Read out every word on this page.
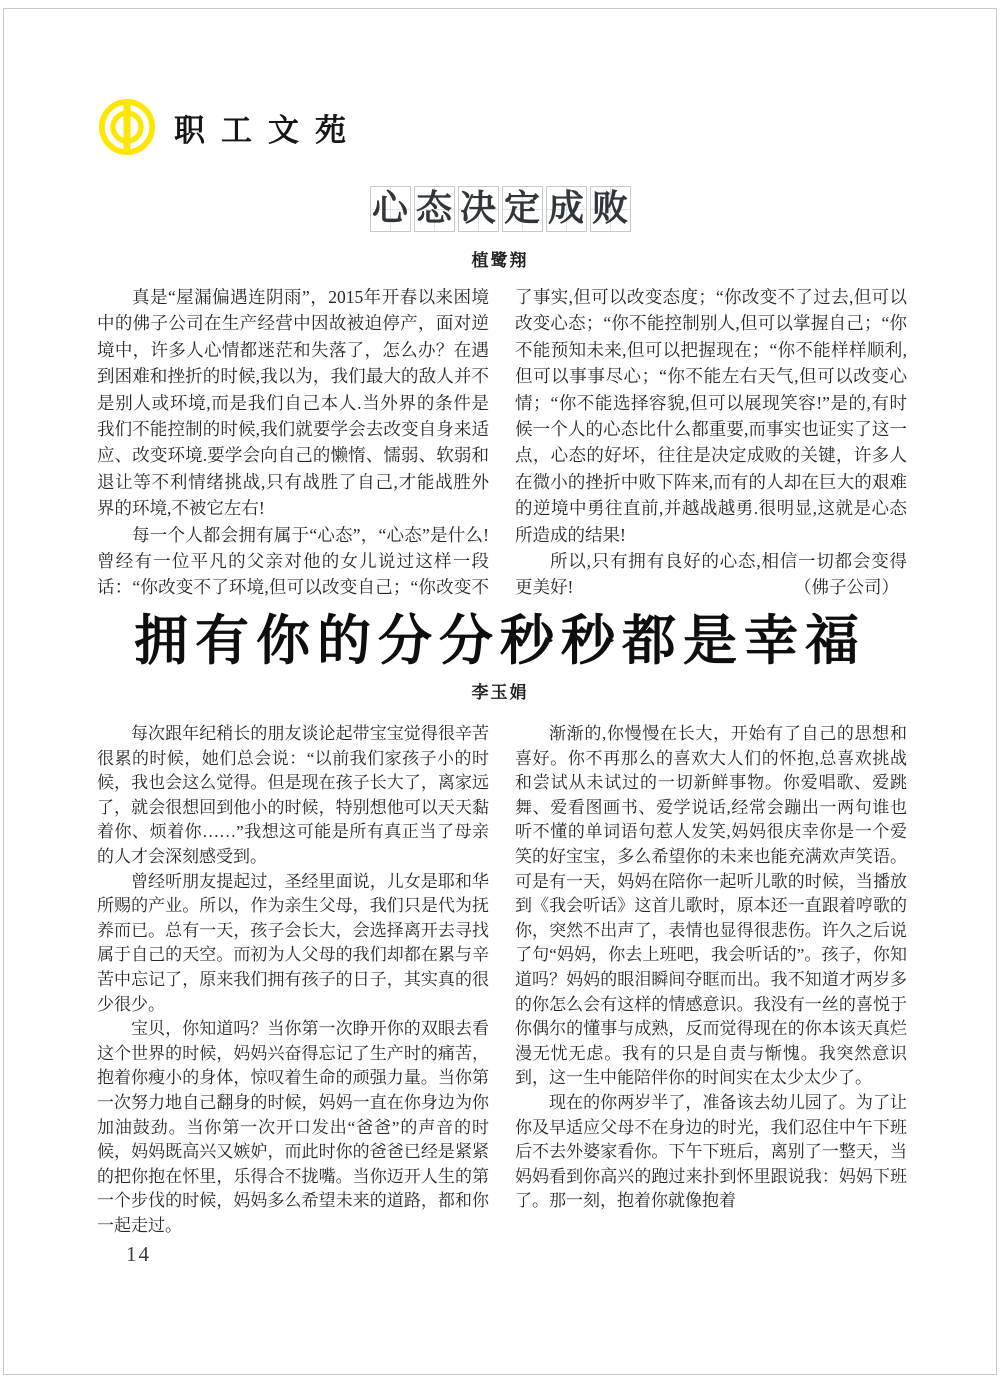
职工文苑
心 态 决 定 成 败
植鹭翔

真是“屋漏偏遇连阴雨”，2015年开春以来困境中的佛子公司在生产经营中因故被迫停产，面对逆境中，许多人心情都迷茫和失落了，怎么办？在遇到困难和挫折的时候,我以为，我们最大的敌人并不是别人或环境,而是我们自己本人.当外界的条件是我们不能控制的时候,我们就要学会去改变自身来适应、改变环境.要学会向自己的懒惰、懦弱、软弱和退让等不利情绪挑战,只有战胜了自己,才能战胜外界的环境,不被它左右!

每一个人都会拥有属于“心态”，“心态”是什么!曾经有一位平凡的父亲对他的女儿说过这样一段话：“你改变不了环境,但可以改变自己；“你改变不了事实,但可以改变态度；“你改变不了过去,但可以改变心态；“你不能控制别人,但可以掌握自己；“你不能预知未来,但可以把握现在；“你不能样样顺利,但可以事事尽心；“你不能左右天气,但可以改变心情；“你不能选择容貌,但可以展现笑容!”是的,有时候一个人的心态比什么都重要,而事实也证实了这一点，心态的好坏，往往是决定成败的关键，许多人在微小的挫折中败下阵来,而有的人却在巨大的艰难的逆境中勇往直前,并越战越勇.很明显,这就是心态所造成的结果!

所以,只有拥有良好的心态,相信一切都会变得更美好!	（佛子公司）

拥有你的分分秒秒都是幸福
李玉娟

每次跟年纪稍长的朋友谈论起带宝宝觉得很辛苦很累的时候，她们总会说：“以前我们家孩子小的时候，我也会这么觉得。但是现在孩子长大了，离家远了，就会很想回到他小的时候，特别想他可以天天黏着你、烦着你……”我想这可能是所有真正当了母亲的人才会深刻感受到。

曾经听朋友提起过，圣经里面说，儿女是耶和华所赐的产业。所以，作为亲生父母，我们只是代为抚养而已。总有一天，孩子会长大，会选择离开去寻找属于自己的天空。而初为人父母的我们却都在累与辛苦中忘记了，原来我们拥有孩子的日子，其实真的很少很少。

宝贝，你知道吗？当你第一次睁开你的双眼去看这个世界的时候，妈妈兴奋得忘记了生产时的痛苦，抱着你瘦小的身体，惊叹着生命的顽强力量。当你第一次努力地自己翻身的时候，妈妈一直在你身边为你加油鼓劲。当你第一次开口发出“爸爸”的声音的时候，妈妈既高兴又嫉妒，而此时你的爸爸已经是紧紧的把你抱在怀里，乐得合不拢嘴。当你迈开人生的第一个步伐的时候，妈妈多么希望未来的道路，都和你一起走过。

渐渐的,你慢慢在长大，开始有了自己的思想和喜好。你不再那么的喜欢大人们的怀抱,总喜欢挑战和尝试从未试过的一切新鲜事物。你爱唱歌、爱跳舞、爱看图画书、爱学说话,经常会蹦出一两句谁也听不懂的单词语句惹人发笑,妈妈很庆幸你是一个爱笑的好宝宝，多么希望你的未来也能充满欢声笑语。可是有一天，妈妈在陪你一起听儿歌的时候，当播放到《我会听话》这首儿歌时，原本还一直跟着哼歌的你，突然不出声了，表情也显得很悲伤。许久之后说了句“妈妈，你去上班吧，我会听话的”。孩子，你知道吗？妈妈的眼泪瞬间夺眶而出。我不知道才两岁多的你怎么会有这样的情感意识。我没有一丝的喜悦于你偶尔的懂事与成熟，反而觉得现在的你本该天真烂漫无忧无虑。我有的只是自责与惭愧。我突然意识到，这一生中能陪伴你的时间实在太少太少了。

现在的你两岁半了，准备该去幼儿园了。为了让你及早适应父母不在身边的时光，我们忍住中午下班后不去外婆家看你。下午下班后，离别了一整天，当妈妈看到你高兴的跑过来扑到怀里跟说我：妈妈下班了。那一刻，抱着你就像抱着

14
